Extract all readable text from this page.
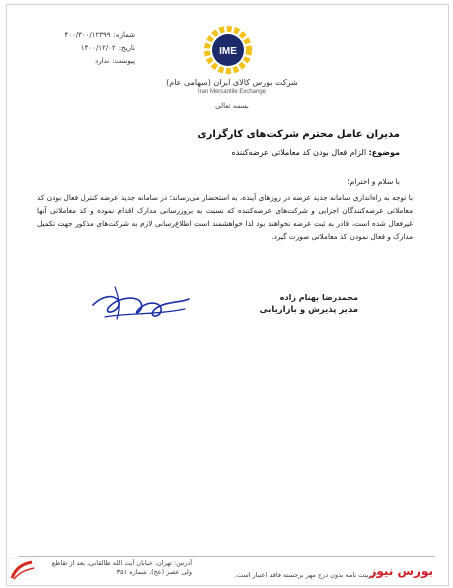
شماره:
۴۰۰/۳۰۰/۱۲۳۹۹
تاریخ:
۱۴۰۰/۱۲/۰۲
پیوست:
ندارد
IME
شرکت بورس کالای ایران (سهامی عام)
Iran Mercantile Exchange
بسمه تعالی
مدیران عامل محترم شرکت‌های کارگزاری
موضوع: الزام فعال بودن کد معاملاتی عرضه‌کننده
با سلام و احترام؛
با توجه به راه‌اندازی سامانه جدید عرضه در روزهای آینده، به استحضار می‌رساند؛ در سامانه جدید عرضه کنترل فعال بودن کد معاملاتی عرضه‌کنندگان اجرایی و شرکت‌های عرضه‌کننده که نسبت به بروزرسانی مدارک اقدام نموده و کد معاملاتی آنها غیرفعال شده است، قادر به ثبت عرضه نخواهند بود لذا خواهشمند است اطلاع‌رسانی لازم به شرکت‌های مذکور جهت تکمیل مدارک و فعال نمودن کد معاملاتی صورت گیرد.
محمدرضا بهنام زاده
مدیر پذیرش و بازاریابی
آدرس: تهران، خیابان آیت الله طالقانی، بعد از تقاطع ولی عصر (عج)، شماره ۳۵۱	*پرینت نامه بدون درج مهر برجسته فاقد اعتبار است.
بورس نیوز
